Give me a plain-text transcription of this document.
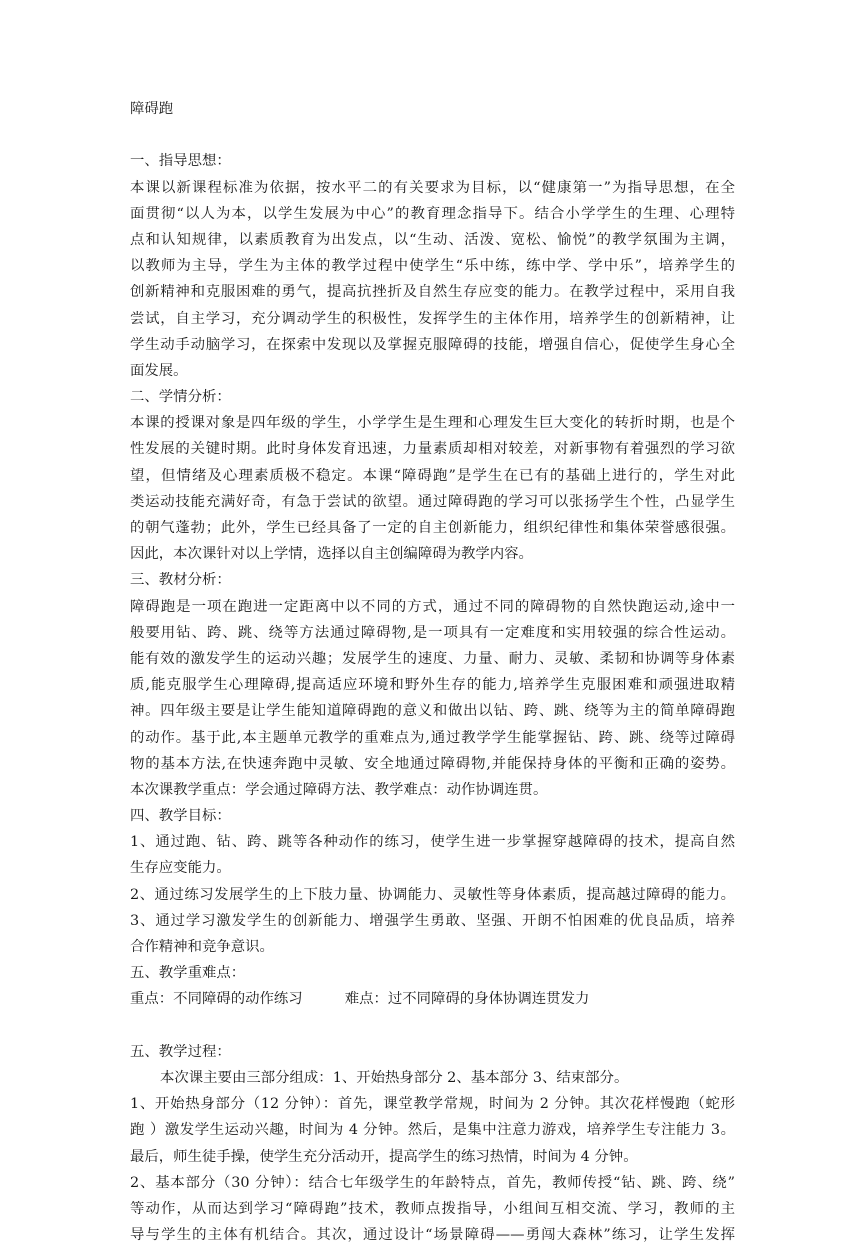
障碍跑
一、指导思想：
本课以新课程标准为依据，按水平二的有关要求为目标，以“健康第一”为指导思想，在全
面贯彻“以人为本，以学生发展为中心”的教育理念指导下。结合小学学生的生理、心理特
点和认知规律，以素质教育为出发点，以“生动、活泼、宽松、愉悦”的教学氛围为主调，
以教师为主导，学生为主体的教学过程中使学生“乐中练，练中学、学中乐”，培养学生的
创新精神和克服困难的勇气，提高抗挫折及自然生存应变的能力。在教学过程中，采用自我
尝试，自主学习，充分调动学生的积极性，发挥学生的主体作用，培养学生的创新精神，让
学生动手动脑学习，在探索中发现以及掌握克服障碍的技能，增强自信心，促使学生身心全
面发展。
二、学情分析：
本课的授课对象是四年级的学生，小学学生是生理和心理发生巨大变化的转折时期，也是个
性发展的关键时期。此时身体发育迅速，力量素质却相对较差，对新事物有着强烈的学习欲
望，但情绪及心理素质极不稳定。本课“障碍跑”是学生在已有的基础上进行的，学生对此
类运动技能充满好奇，有急于尝试的欲望。通过障碍跑的学习可以张扬学生个性，凸显学生
的朝气蓬勃；此外，学生已经具备了一定的自主创新能力，组织纪律性和集体荣誉感很强。
因此，本次课针对以上学情，选择以自主创编障碍为教学内容。
三、教材分析：
障碍跑是一项在跑进一定距离中以不同的方式，通过不同的障碍物的自然快跑运动,途中一
般要用钻、跨、跳、绕等方法通过障碍物,是一项具有一定难度和实用较强的综合性运动。
能有效的激发学生的运动兴趣；发展学生的速度、力量、耐力、灵敏、柔韧和协调等身体素
质,能克服学生心理障碍,提高适应环境和野外生存的能力,培养学生克服困难和顽强进取精
神。四年级主要是让学生能知道障碍跑的意义和做出以钻、跨、跳、绕等为主的简单障碍跑
的动作。基于此,本主题单元教学的重难点为,通过教学学生能掌握钻、跨、跳、绕等过障碍
物的基本方法,在快速奔跑中灵敏、安全地通过障碍物,并能保持身体的平衡和正确的姿势。
本次课教学重点：学会通过障碍方法、教学难点：动作协调连贯。
四、教学目标：
1、通过跑、钻、跨、跳等各种动作的练习，使学生进一步掌握穿越障碍的技术，提高自然
生存应变能力。
2、通过练习发展学生的上下肢力量、协调能力、灵敏性等身体素质，提高越过障碍的能力。
3、通过学习激发学生的创新能力、增强学生勇敢、坚强、开朗不怕困难的优良品质，培养
合作精神和竞争意识。
五、教学重难点：
重点：不同障碍的动作练习	难点：过不同障碍的身体协调连贯发力
五、教学过程：
本次课主要由三部分组成：1、开始热身部分 2、基本部分 3、结束部分。
1、开始热身部分（12 分钟）：首先，课堂教学常规，时间为 2 分钟。其次花样慢跑（蛇形
跑 ）激发学生运动兴趣，时间为 4 分钟。然后，是集中注意力游戏，培养学生专注能力 3。
最后，师生徒手操，使学生充分活动开，提高学生的练习热情，时间为 4 分钟。
2、基本部分（30 分钟）：结合七年级学生的年龄特点，首先，教师传授“钻、跳、跨、绕”
等动作，从而达到学习“障碍跑”技术，教师点拨指导，小组间互相交流、学习，教师的主
导与学生的主体有机结合。其次，通过设计“场景障碍——勇闯大森林”练习，让学生发挥
